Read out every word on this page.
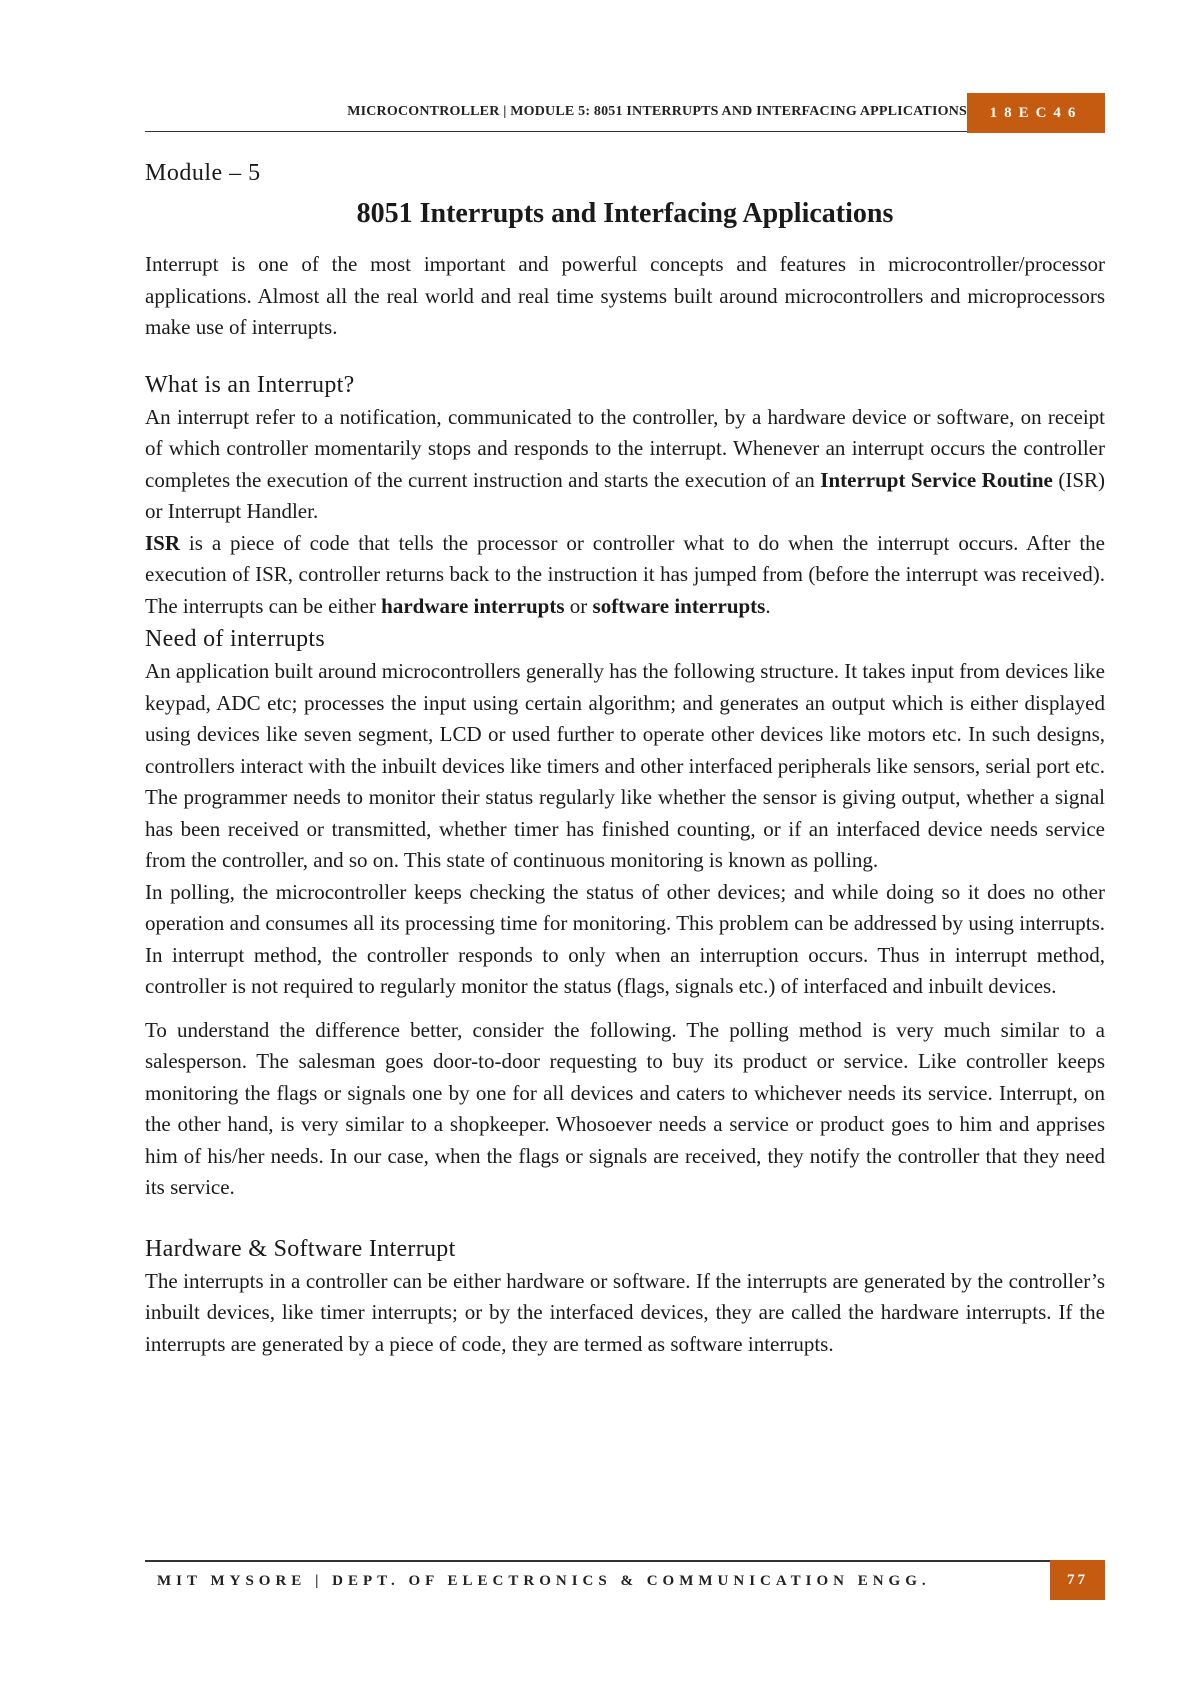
MICROCONTROLLER | MODULE 5: 8051 INTERRUPTS AND INTERFACING APPLICATIONS	18EC46
Module – 5
8051 Interrupts and Interfacing Applications

Interrupt is one of the most important and powerful concepts and features in microcontroller/processor applications. Almost all the real world and real time systems built around microcontrollers and microprocessors make use of interrupts.

What is an Interrupt?

An interrupt refer to a notification, communicated to the controller, by a hardware device or software, on receipt of which controller momentarily stops and responds to the interrupt. Whenever an interrupt occurs the controller completes the execution of the current instruction and starts the execution of an Interrupt Service Routine (ISR) or Interrupt Handler.

ISR is a piece of code that tells the processor or controller what to do when the interrupt occurs. After the execution of ISR, controller returns back to the instruction it has jumped from (before the interrupt was received). The interrupts can be either hardware interrupts or software interrupts.

Need of interrupts

An application built around microcontrollers generally has the following structure. It takes input from devices like keypad, ADC etc; processes the input using certain algorithm; and generates an output which is either displayed using devices like seven segment, LCD or used further to operate other devices like motors etc. In such designs, controllers interact with the inbuilt devices like timers and other interfaced peripherals like sensors, serial port etc. The programmer needs to monitor their status regularly like whether the sensor is giving output, whether a signal has been received or transmitted, whether timer has finished counting, or if an interfaced device needs service from the controller, and so on. This state of continuous monitoring is known as polling.

In polling, the microcontroller keeps checking the status of other devices; and while doing so it does no other operation and consumes all its processing time for monitoring. This problem can be addressed by using interrupts. In interrupt method, the controller responds to only when an interruption occurs. Thus in interrupt method, controller is not required to regularly monitor the status (flags, signals etc.) of interfaced and inbuilt devices.

To understand the difference better, consider the following. The polling method is very much similar to a salesperson. The salesman goes door-to-door requesting to buy its product or service. Like controller keeps monitoring the flags or signals one by one for all devices and caters to whichever needs its service. Interrupt, on the other hand, is very similar to a shopkeeper. Whosoever needs a service or product goes to him and apprises him of his/her needs. In our case, when the flags or signals are received, they notify the controller that they need its service.

Hardware & Software Interrupt

The interrupts in a controller can be either hardware or software. If the interrupts are generated by the controller’s inbuilt devices, like timer interrupts; or by the interfaced devices, they are called the hardware interrupts. If the interrupts are generated by a piece of code, they are termed as software interrupts.

MIT MYSORE | DEPT. OF ELECTRONICS & COMMUNICATION ENGG.	77
